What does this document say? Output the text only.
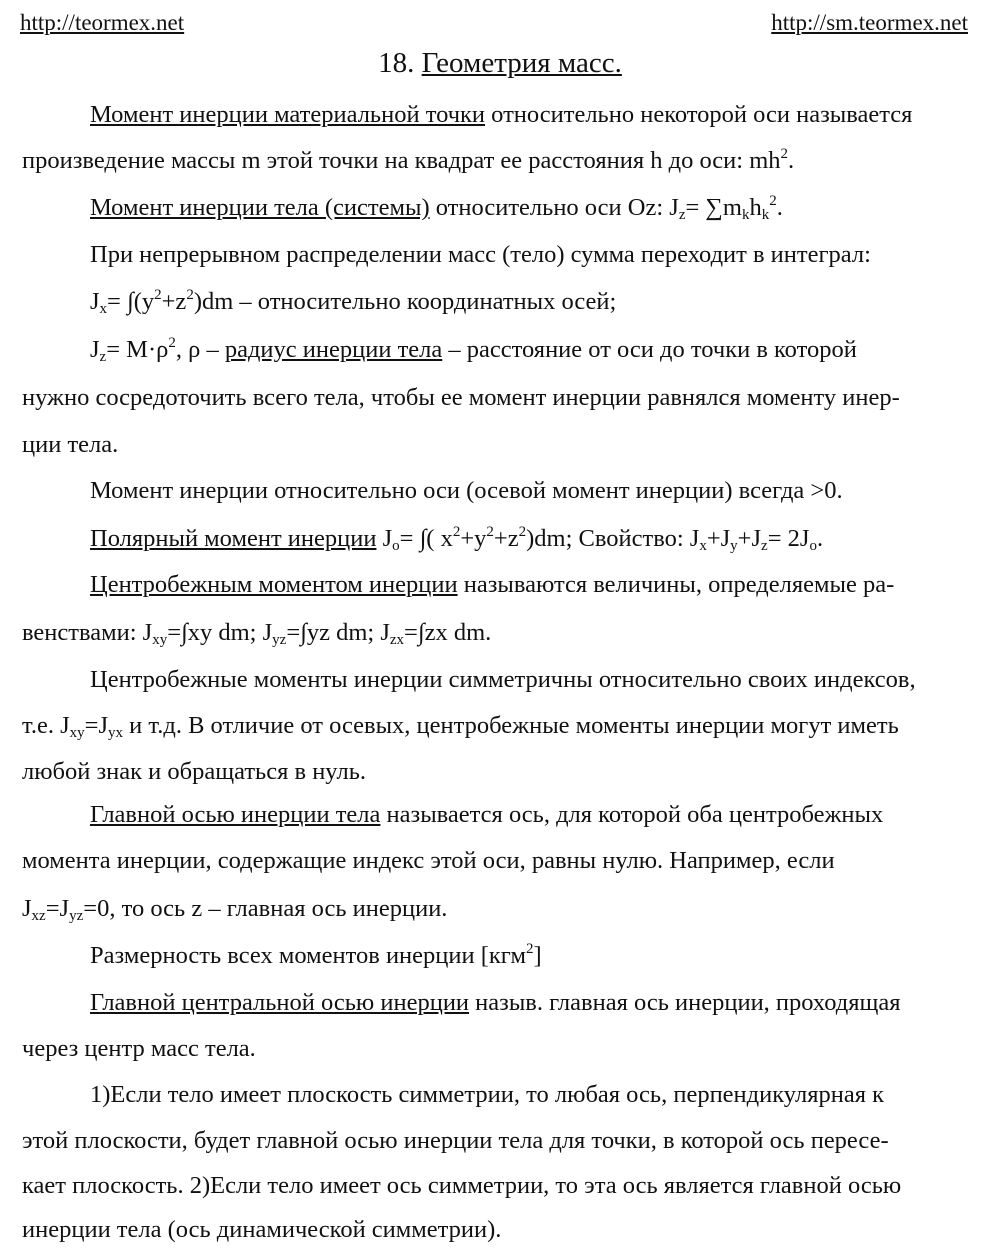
http://teormex.net	http://sm.teormex.net
18. Геометрия масс.

Момент инерции материальной точки относительно некоторой оси называется

произведение массы m этой точки на квадрат ее расстояния h до оси: $mh^2$.

Момент инерции тела (системы) относительно оси Oz: $J_z= \sum m_kh_k^2$.

При непрерывном распределении масс (тело) сумма переходит в интеграл:

$J_x= \int(y^2+z^2)dm$ – относительно координатных осей;

$J_z= M\cdot\rho^2$, ρ – радиус инерции тела – расстояние от оси до точки в которой

нужно сосредоточить всего тела, чтобы ее момент инерции равнялся моменту инер-

ции тела.

Момент инерции относительно оси (осевой момент инерции) всегда >0.

Полярный момент инерции $J_o=$ ∫( $x^2+y^2+z^2)dm$; Свойство: $J_x+J_y+J_z= 2J_o$.

Центробежным моментом инерции называются величины, определяемые ра-

венствами: $J_{xy}=\int xy$ dm; $J_{yz}=\int yz$ dm; $J_{zx}=\int zx$ dm.

Центробежные моменты инерции симметричны относительно своих индексов,

т.е. $J_{xy}=J_{yx}$ и т.д. В отличие от осевых, центробежные моменты инерции могут иметь

любой знак и обращаться в нуль.

Главной осью инерции тела называется ось, для которой оба центробежных

момента инерции, содержащие индекс этой оси, равны нулю. Например, если

$J_{xz}=J_{yz}=0$, то ось z – главная ось инерции.

Размерность всех моментов инерции [кгм$^2$]

Главной центральной осью инерции назыв. главная ось инерции, проходящая

через центр масс тела.

1)Если тело имеет плоскость симметрии, то любая ось, перпендикулярная к

этой плоскости, будет главной осью инерции тела для точки, в которой ось пересе-

кает плоскость. 2)Если тело имеет ось симметрии, то эта ось является главной осью

инерции тела (ось динамической симметрии).
